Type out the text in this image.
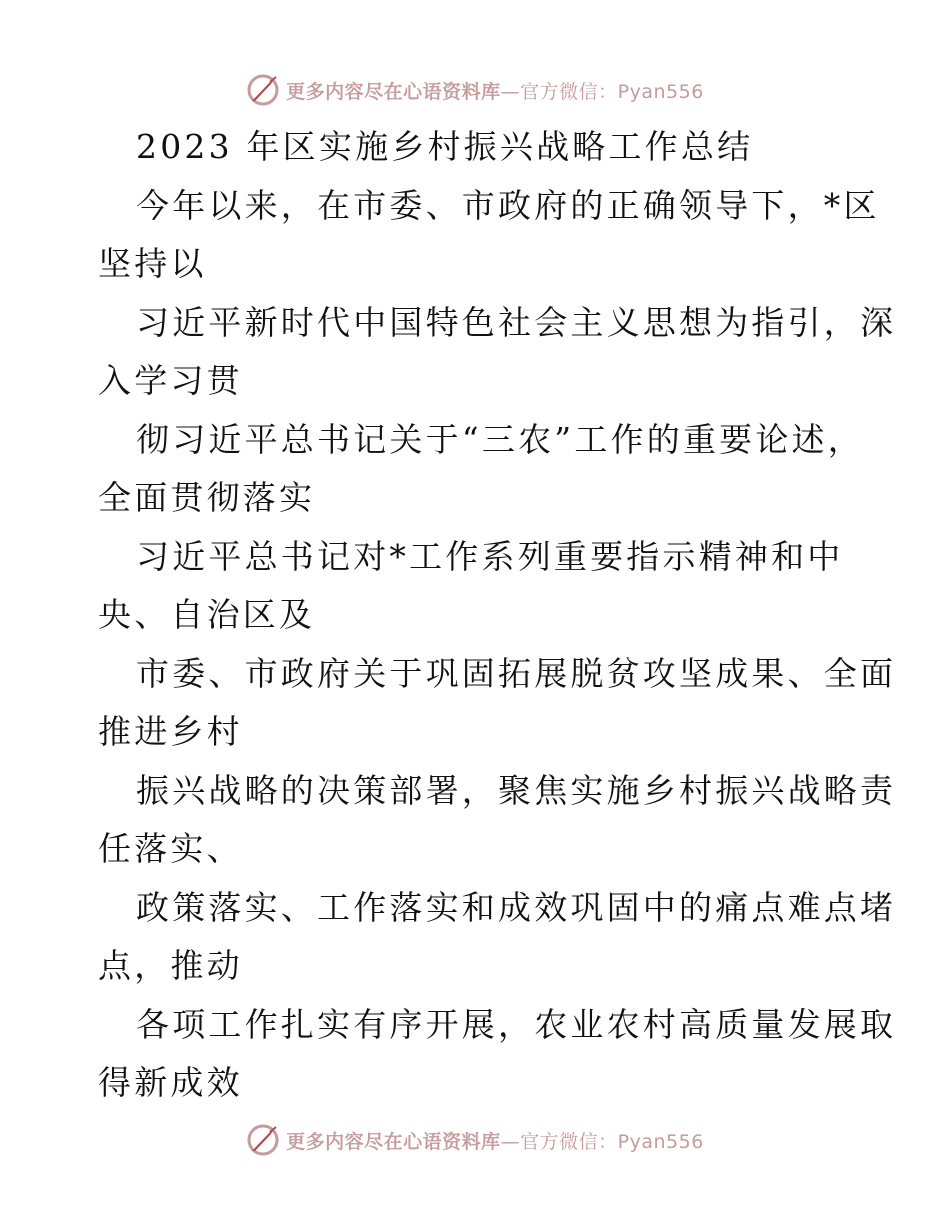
更多内容尽在心语资料库—官方微信：Pyan556
2023 年区实施乡村振兴战略工作总结
今年以来，在市委、市政府的正确领导下，*区
坚持以
习近平新时代中国特色社会主义思想为指引，深
入学习贯
彻习近平总书记关于“三农”工作的重要论述，
全面贯彻落实
习近平总书记对*工作系列重要指示精神和中
央、自治区及
市委、市政府关于巩固拓展脱贫攻坚成果、全面
推进乡村
振兴战略的决策部署，聚焦实施乡村振兴战略责
任落实、
政策落实、工作落实和成效巩固中的痛点难点堵
点，推动
各项工作扎实有序开展，农业农村高质量发展取
得新成效
更多内容尽在心语资料库—官方微信：Pyan556
